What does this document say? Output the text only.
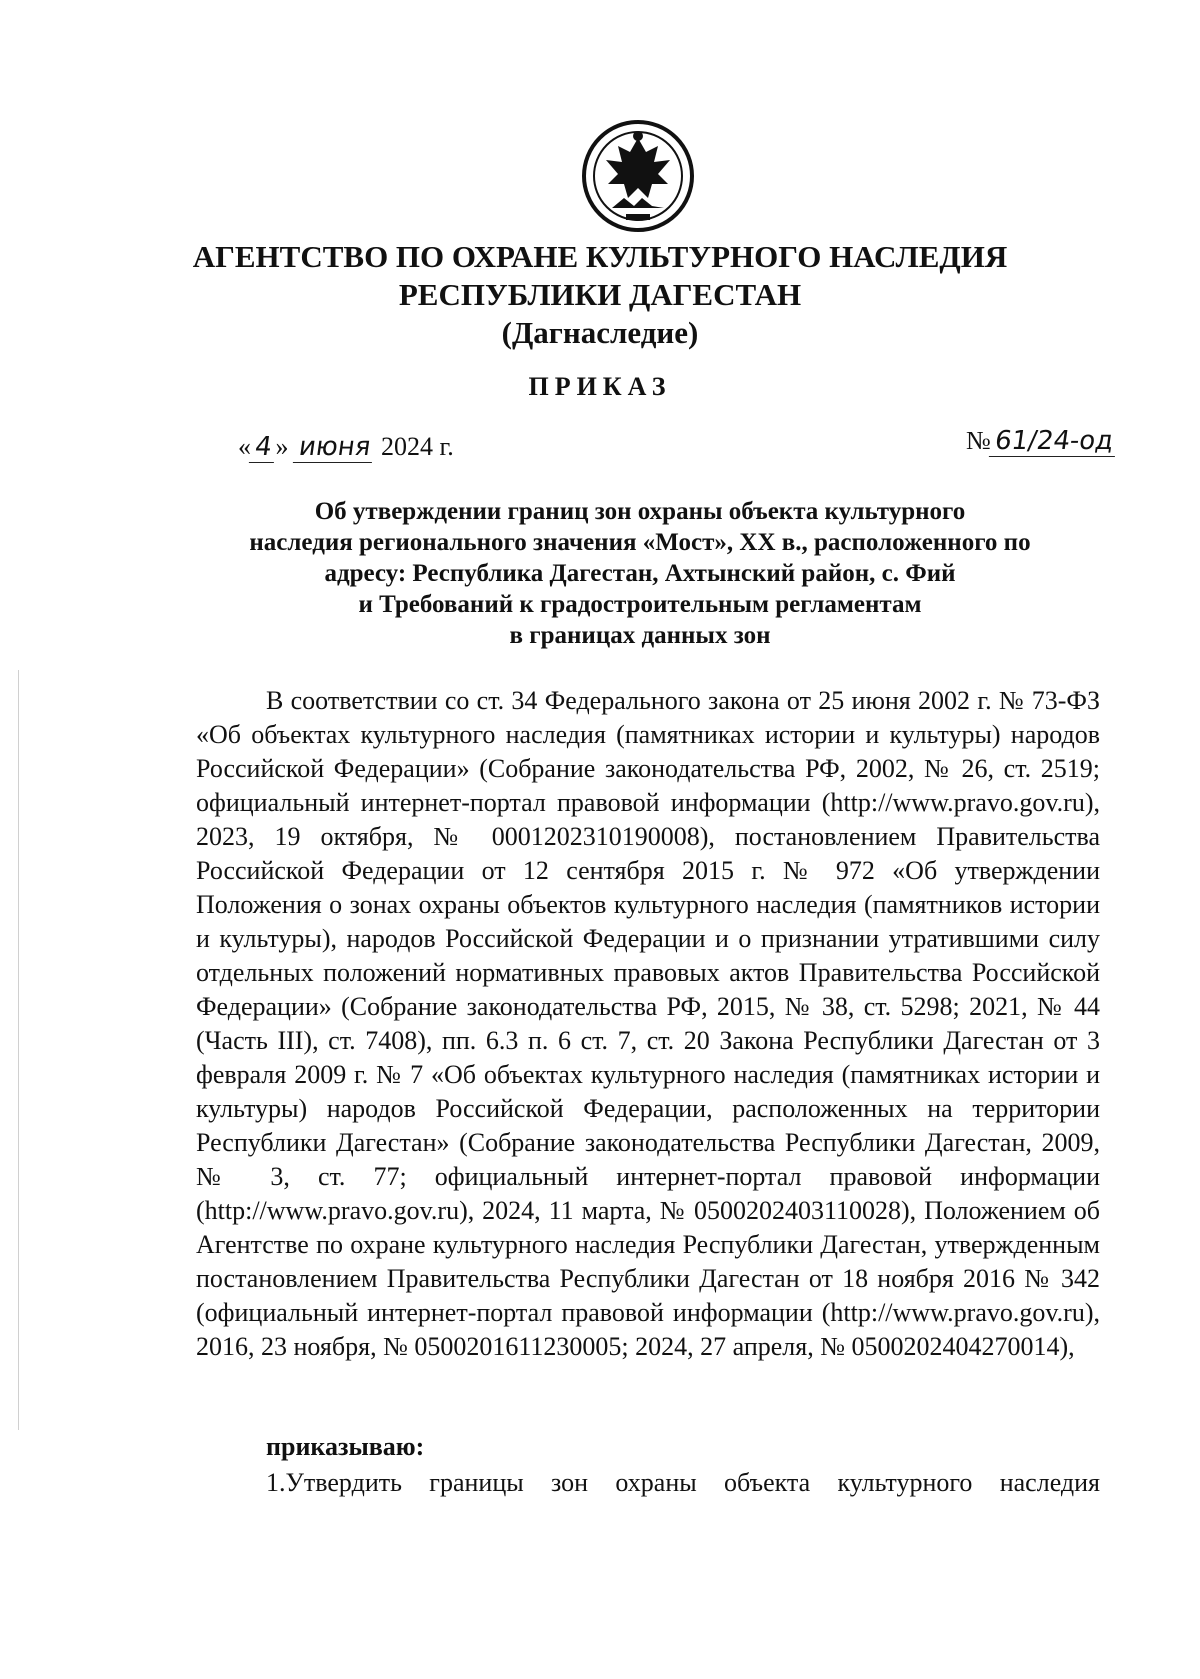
АГЕНТСТВО ПО ОХРАНЕ КУЛЬТУРНОГО НАСЛЕДИЯ
РЕСПУБЛИКИ ДАГЕСТАН
(Дагнаследие)
ПРИКАЗ
«4» июня 2024 г.	№61/24-од
Об утверждении границ зон охраны объекта культурного
наследия регионального значения «Мост», XX в., расположенного по
адресу: Республика Дагестан, Ахтынский район, с. Фий
и Требований к градостроительным регламентам
в границах данных зон

В соответствии со ст. 34 Федерального закона от 25 июня 2002 г. № 73-ФЗ «Об объектах культурного наследия (памятниках истории и культуры) народов Российской Федерации» (Собрание законодательства РФ, 2002, № 26, ст. 2519; официальный интернет-портал правовой информации (http://www.pravo.gov.ru), 2023, 19 октября, № 0001202310190008), постановлением Правительства Российской Федерации от 12 сентября 2015 г. № 972 «Об утверждении Положения о зонах охраны объектов культурного наследия (памятников истории и культуры), народов Российской Федерации и о признании утратившими силу отдельных положений нормативных правовых актов Правительства Российской Федерации» (Собрание законодательства РФ, 2015, № 38, ст. 5298; 2021, № 44 (Часть III), ст. 7408), пп. 6.3 п. 6 ст. 7, ст. 20 Закона Республики Дагестан от 3 февраля 2009 г. № 7 «Об объектах культурного наследия (памятниках истории и культуры) народов Российской Федерации, расположенных на территории Республики Дагестан» (Собрание законодательства Республики Дагестан, 2009, № 3, ст. 77; официальный интернет-портал правовой информации (http://www.pravo.gov.ru), 2024, 11 марта, № 0500202403110028), Положением об Агентстве по охране культурного наследия Республики Дагестан, утвержденным постановлением Правительства Республики Дагестан от 18 ноября 2016 № 342 (официальный интернет-портал правовой информации (http://www.pravo.gov.ru), 2016, 23 ноября, № 0500201611230005; 2024, 27 апреля, № 0500202404270014),

приказываю:
1.Утвердить границы зон охраны объекта культурного наследия
